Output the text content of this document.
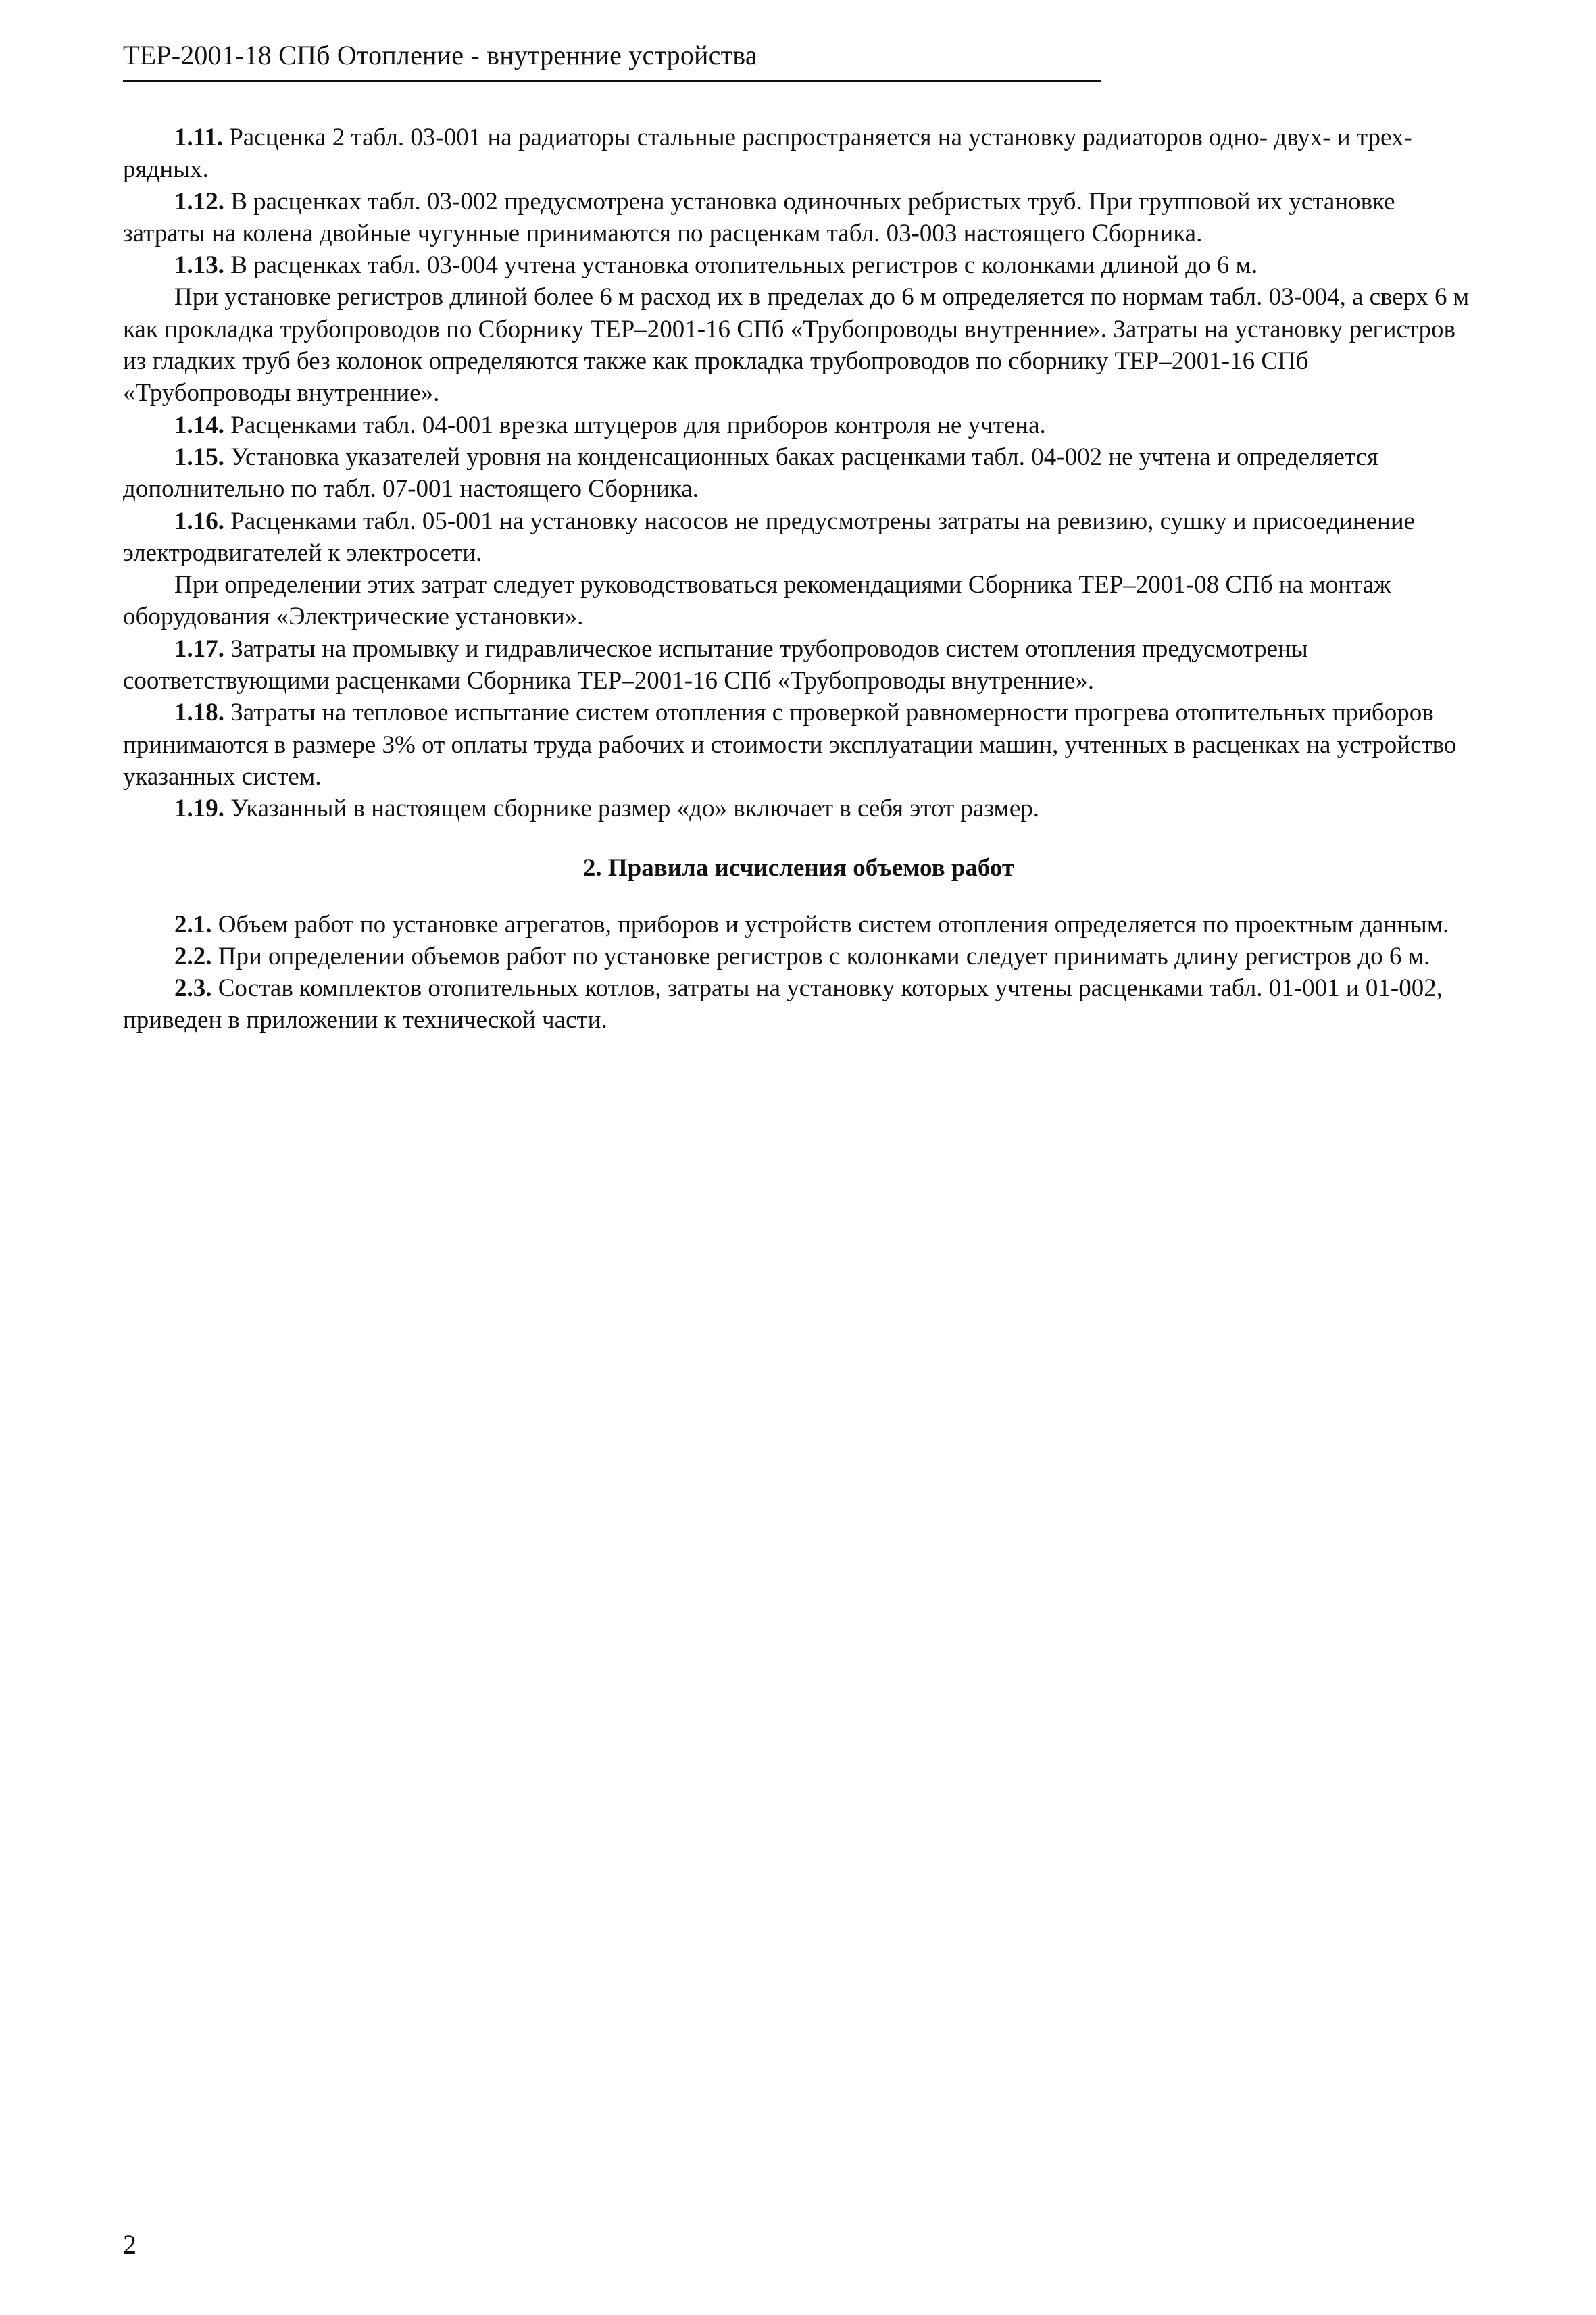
ТЕР-2001-18 СПб Отопление - внутренние устройства

1.11. Расценка 2 табл. 03-001 на радиаторы стальные распространяется на установку радиаторов одно- двух- и трех- рядных.

1.12. В расценках табл. 03-002 предусмотрена установка одиночных ребристых труб. При групповой их установке затраты на колена двойные чугунные принимаются по расценкам табл. 03-003 настоящего Сборника.

1.13. В расценках табл. 03-004 учтена установка отопительных регистров с колонками длиной до 6 м.

При установке регистров длиной более 6 м расход их в пределах до 6 м определяется по нормам табл. 03-004, а сверх 6 м как прокладка трубопроводов по Сборнику ТЕР–2001-16 СПб «Трубопроводы внутренние». Затраты на установку регистров из гладких труб без колонок определяются также как прокладка трубопроводов по сборнику ТЕР–2001-16 СПб «Трубопроводы внутренние».

1.14. Расценками табл. 04-001 врезка штуцеров для приборов контроля не учтена.

1.15. Установка указателей уровня на конденсационных баках расценками табл. 04-002 не учтена и определяется дополнительно по табл. 07-001 настоящего Сборника.

1.16. Расценками табл. 05-001 на установку насосов не предусмотрены затраты на ревизию, сушку и присоединение электродвигателей к электросети.

При определении этих затрат следует руководствоваться рекомендациями Сборника ТЕР–2001-08 СПб на монтаж оборудования «Электрические установки».

1.17. Затраты на промывку и гидравлическое испытание трубопроводов систем отопления предусмотрены соответствующими расценками Сборника ТЕР–2001-16 СПб «Трубопроводы внутренние».

1.18. Затраты на тепловое испытание систем отопления с проверкой равномерности прогрева отопительных приборов принимаются в размере 3% от оплаты труда рабочих и стоимости эксплуатации машин, учтенных в расценках на устройство указанных систем.

1.19. Указанный в настоящем сборнике размер «до» включает в себя этот размер.

2. Правила исчисления объемов работ

2.1. Объем работ по установке агрегатов, приборов и устройств систем отопления определяется по проектным данным.

2.2. При определении объемов работ по установке регистров с колонками следует принимать длину регистров до 6 м.

2.3. Состав комплектов отопительных котлов, затраты на установку которых учтены расценками табл. 01-001 и 01-002, приведен в приложении к технической части.

2
